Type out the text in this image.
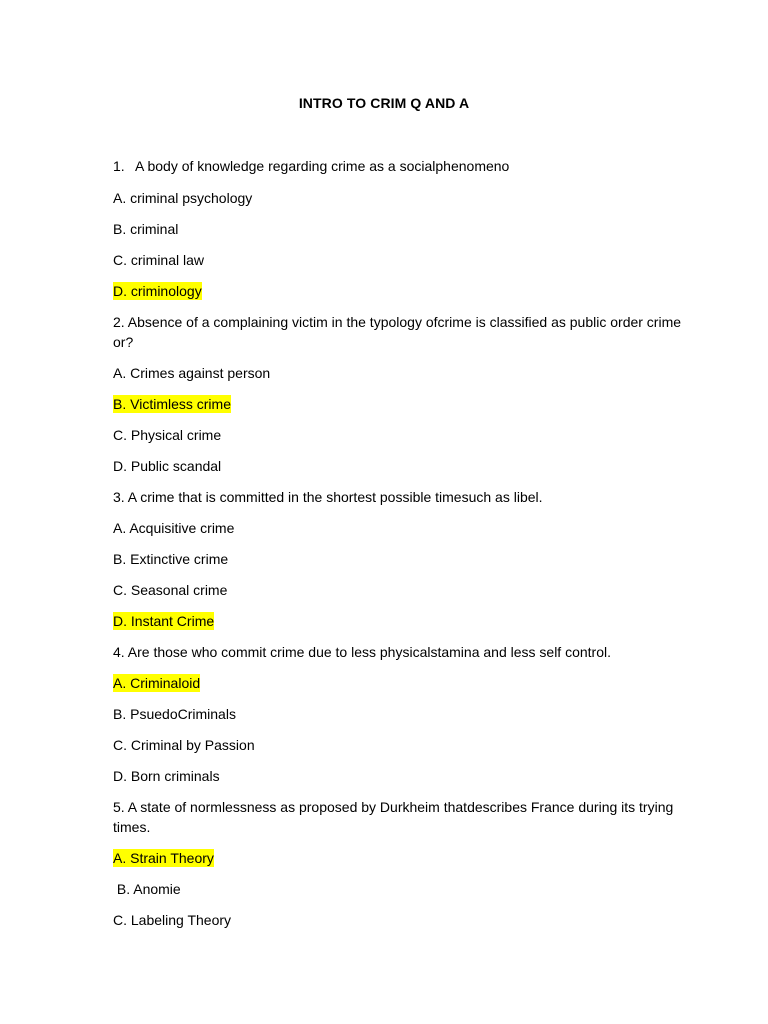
INTRO TO CRIM Q AND A
1. A body of knowledge regarding crime as a socialphenomeno
A. criminal psychology
B. criminal
C. criminal law
D. criminology
2. Absence of a complaining victim in the typology ofcrime is classified as public order crime or?
A. Crimes against person
B. Victimless crime
C. Physical crime
D. Public scandal
3. A crime that is committed in the shortest possible timesuch as libel.
A. Acquisitive crime
B. Extinctive crime
C. Seasonal crime
D. Instant Crime
4. Are those who commit crime due to less physicalstamina and less self control.
A. Criminaloid
B. PsuedoCriminals
C. Criminal by Passion
D. Born criminals
5. A state of normlessness as proposed by Durkheim thatdescribes France during its trying times.
A. Strain Theory
B. Anomie
C. Labeling Theory
